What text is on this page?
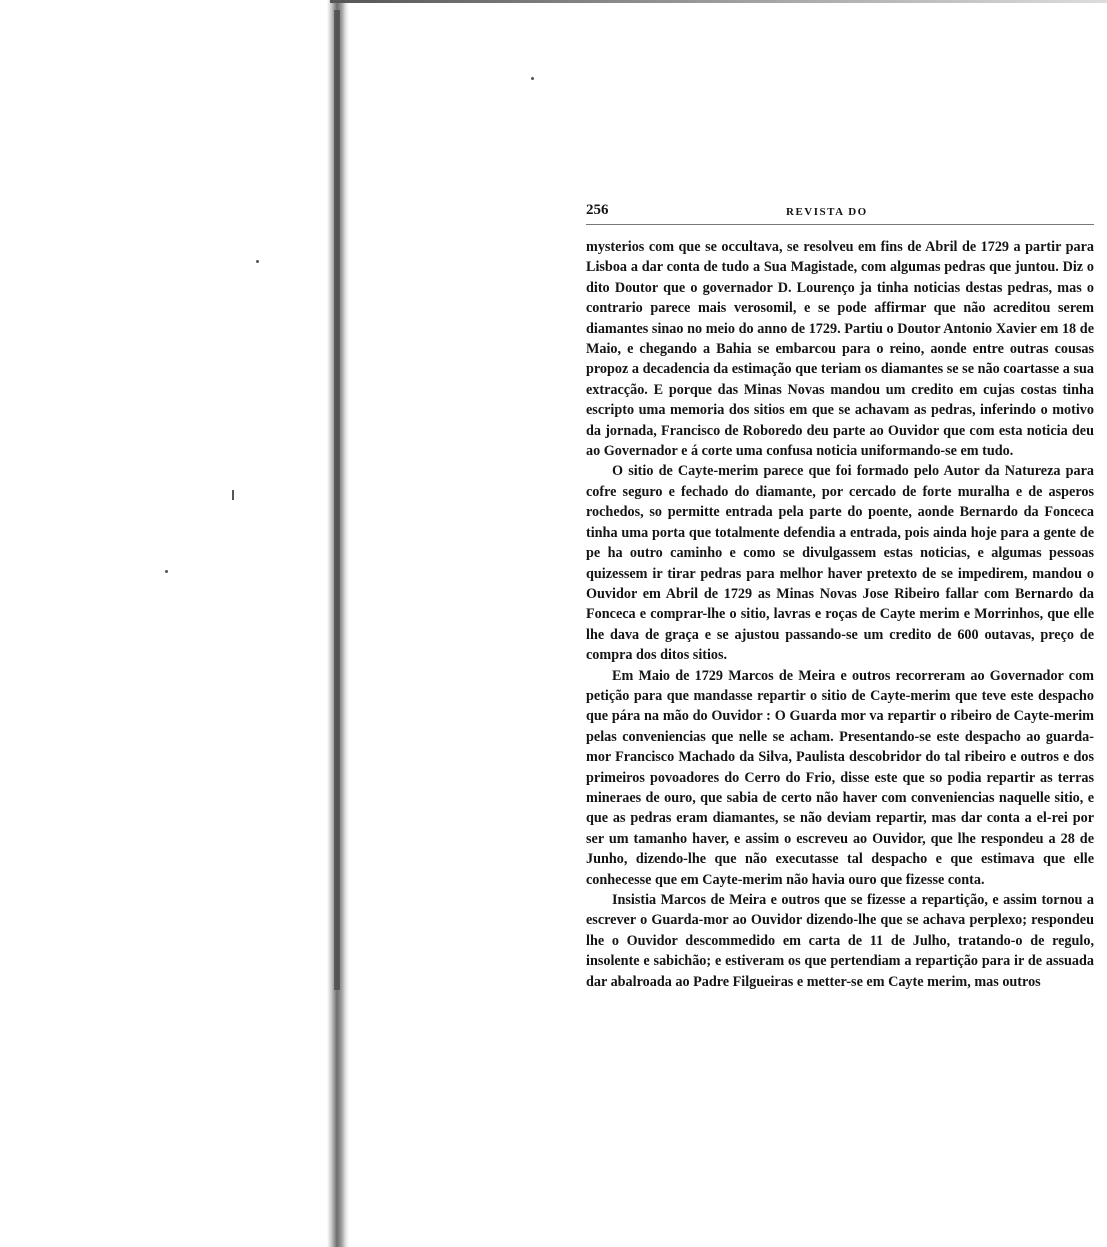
256	REVISTA DO

mysterios com que se occultava, se resolveu em fins de Abril de 1729 a partir para Lisboa a dar conta de tudo a Sua Magistade, com algumas pedras que juntou. Diz o dito Doutor que o governador D. Lourenço ja tinha noticias destas pedras, mas o contrario parece mais verosomil, e se pode affirmar que não acreditou serem diamantes sinao no meio do anno de 1729. Partiu o Doutor Antonio Xavier em 18 de Maio, e chegando a Bahia se embarcou para o reino, aonde entre outras cousas propoz a decadencia da estimação que teriam os diamantes se se não coartasse a sua extracção. E porque das Minas Novas mandou um credito em cujas costas tinha escripto uma memoria dos sitios em que se achavam as pedras, inferindo o motivo da jornada, Francisco de Roboredo deu parte ao Ouvidor que com esta noticia deu ao Governador e á corte uma confusa noticia uniformando-se em tudo.

O sitio de Cayte-merim parece que foi formado pelo Autor da Natureza para cofre seguro e fechado do diamante, por cercado de forte muralha e de asperos rochedos, so permitte entrada pela parte do poente, aonde Bernardo da Fonceca tinha uma porta que totalmente defendia a entrada, pois ainda hoje para a gente de pe ha outro caminho e como se divulgassem estas noticias, e algumas pessoas quizessem ir tirar pedras para melhor haver pretexto de se impedirem, mandou o Ouvidor em Abril de 1729 as Minas Novas Jose Ribeiro fallar com Bernardo da Fonceca e comprar-lhe o sitio, lavras e roças de Cayte merim e Morrinhos, que elle lhe dava de graça e se ajustou passando-se um credito de 600 outavas, preço de compra dos ditos sitios.

Em Maio de 1729 Marcos de Meira e outros recorreram ao Governador com petição para que mandasse repartir o sitio de Cayte-merim que teve este despacho que pára na mão do Ouvidor : O Guarda mor va repartir o ribeiro de Cayte-merim pelas conveniencias que nelle se acham. Presentando-se este despacho ao guarda-mor Francisco Machado da Silva, Paulista descobridor do tal ribeiro e outros e dos primeiros povoadores do Cerro do Frio, disse este que so podia repartir as terras mineraes de ouro, que sabia de certo não haver com conveniencias naquelle sitio, e que as pedras eram diamantes, se não deviam repartir, mas dar conta a el-rei por ser um tamanho haver, e assim o escreveu ao Ouvidor, que lhe respondeu a 28 de Junho, dizendo-lhe que não executasse tal despacho e que estimava que elle conhecesse que em Cayte-merim não havia ouro que fizesse conta.

Insistia Marcos de Meira e outros que se fizesse a repartição, e assim tornou a escrever o Guarda-mor ao Ouvidor dizendo-lhe que se achava perplexo; respondeu lhe o Ouvidor descommedido em carta de 11 de Julho, tratando-o de regulo, insolente e sabichão; e estiveram os que pertendiam a repartição para ir de assuada dar abalroada ao Padre Filgueiras e metter-se em Cayte merim, mas outros
